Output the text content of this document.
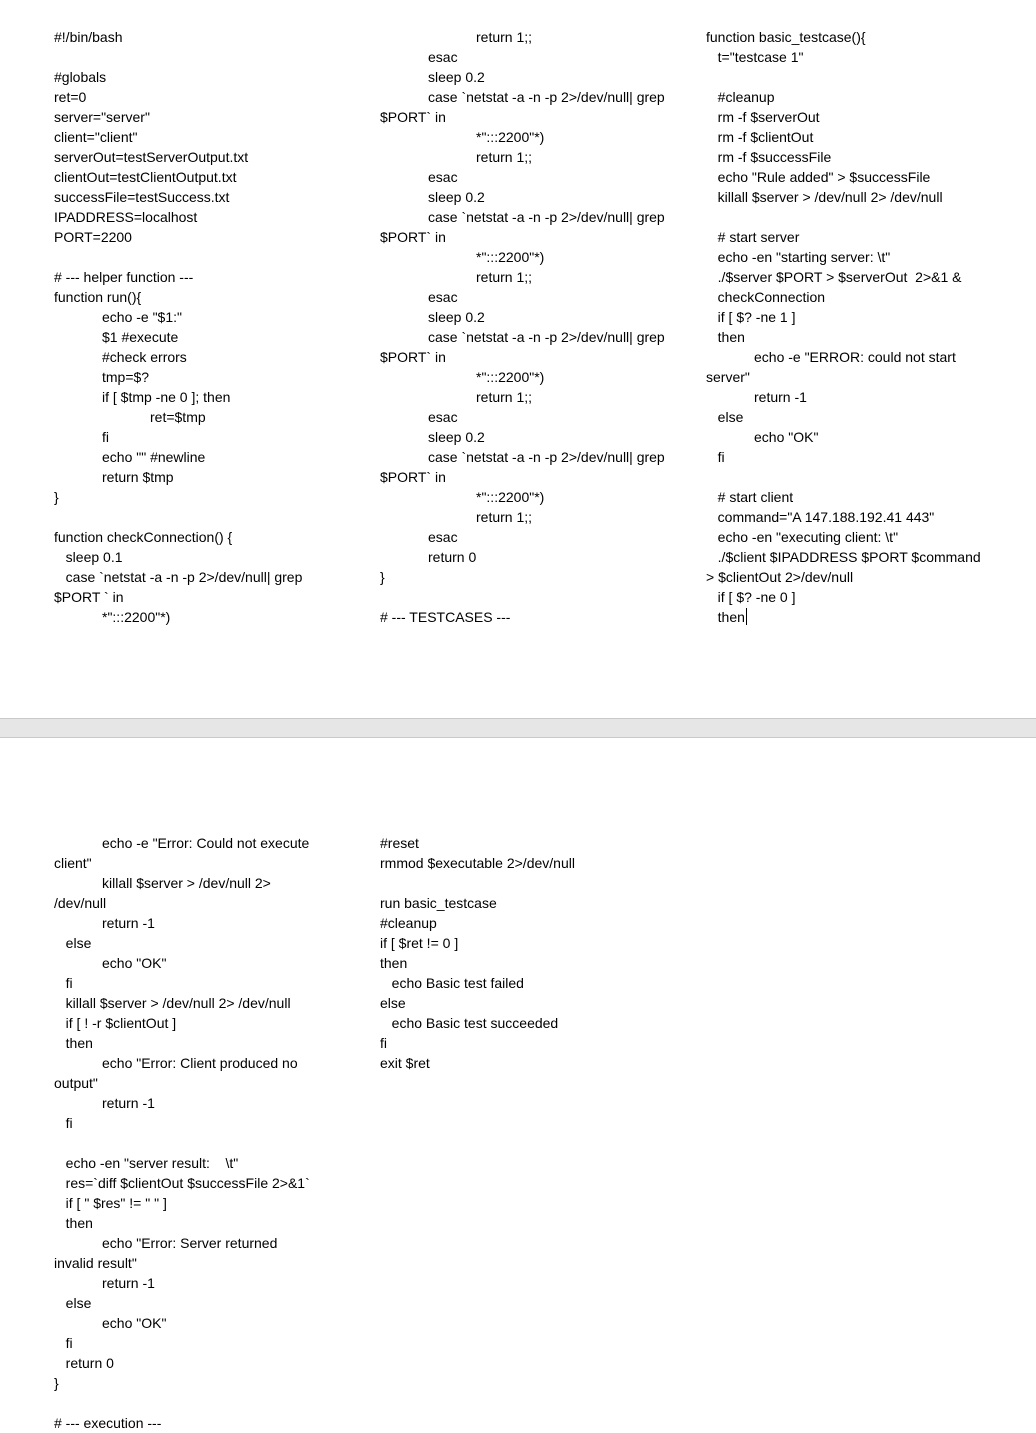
#!/bin/bash

#globals
ret=0
server="server"
client="client"
serverOut=testServerOutput.txt
clientOut=testClientOutput.txt
successFile=testSuccess.txt
IPADDRESS=localhost
PORT=2200

# --- helper function ---
function run(){
	echo -e "$1:"
	$1 #execute
	#check errors
	tmp=$?
	if [ $tmp -ne 0 ]; then
		ret=$tmp
	fi
	echo "" #newline
	return $tmp
}

function checkConnection() {
sleep 0.1
case `netstat -a -n -p 2>/dev/null| grep
$PORT ` in
	*":::2200"*)
		return 1;;
	esac
	sleep 0.2
	case `netstat -a -n -p 2>/dev/null| grep
$PORT` in
		*":::2200"*)
		return 1;;
	esac
	sleep 0.2
	case `netstat -a -n -p 2>/dev/null| grep
$PORT` in
		*":::2200"*)
		return 1;;
	esac
	sleep 0.2
	case `netstat -a -n -p 2>/dev/null| grep
$PORT` in
		*":::2200"*)
		return 1;;
	esac
	sleep 0.2
	case `netstat -a -n -p 2>/dev/null| grep
$PORT` in
		*":::2200"*)
		return 1;;
	esac
	return 0
}

# --- TESTCASES ---
function basic_testcase(){
t="testcase 1"

#cleanup
rm -f $serverOut
rm -f $clientOut
rm -f $successFile
echo "Rule added" > $successFile
killall $server > /dev/null 2> /dev/null

# start server
echo -en "starting server: \t"
./$server $PORT > $serverOut  2>&1 &
checkConnection
if [ $? -ne 1 ]
then
	echo -e "ERROR: could not start
server"
	return -1
else
	echo "OK"
fi

# start client
command="A 147.188.192.41 443"
echo -en "executing client: \t"
./$client $IPADDRESS $PORT $command
> $clientOut 2>/dev/null
if [ $? -ne 0 ]
then
	echo -e "Error: Could not execute
client"
	killall $server > /dev/null 2>
/dev/null
	return -1
else
	echo "OK"
fi
killall $server > /dev/null 2> /dev/null
if [ ! -r $clientOut ]
then
	echo "Error: Client produced no
output"
	return -1
fi

echo -en "server result:    \t"
res=`diff $clientOut $successFile 2>&1`
if [ " $res" != " " ]
then
	echo "Error: Server returned
invalid result"
	return -1
else
	echo "OK"
fi
return 0
}

# --- execution ---
#reset
rmmod $executable 2>/dev/null

run basic_testcase
#cleanup
if [ $ret != 0 ]
then
echo Basic test failed
else
echo Basic test succeeded
fi
exit $ret
